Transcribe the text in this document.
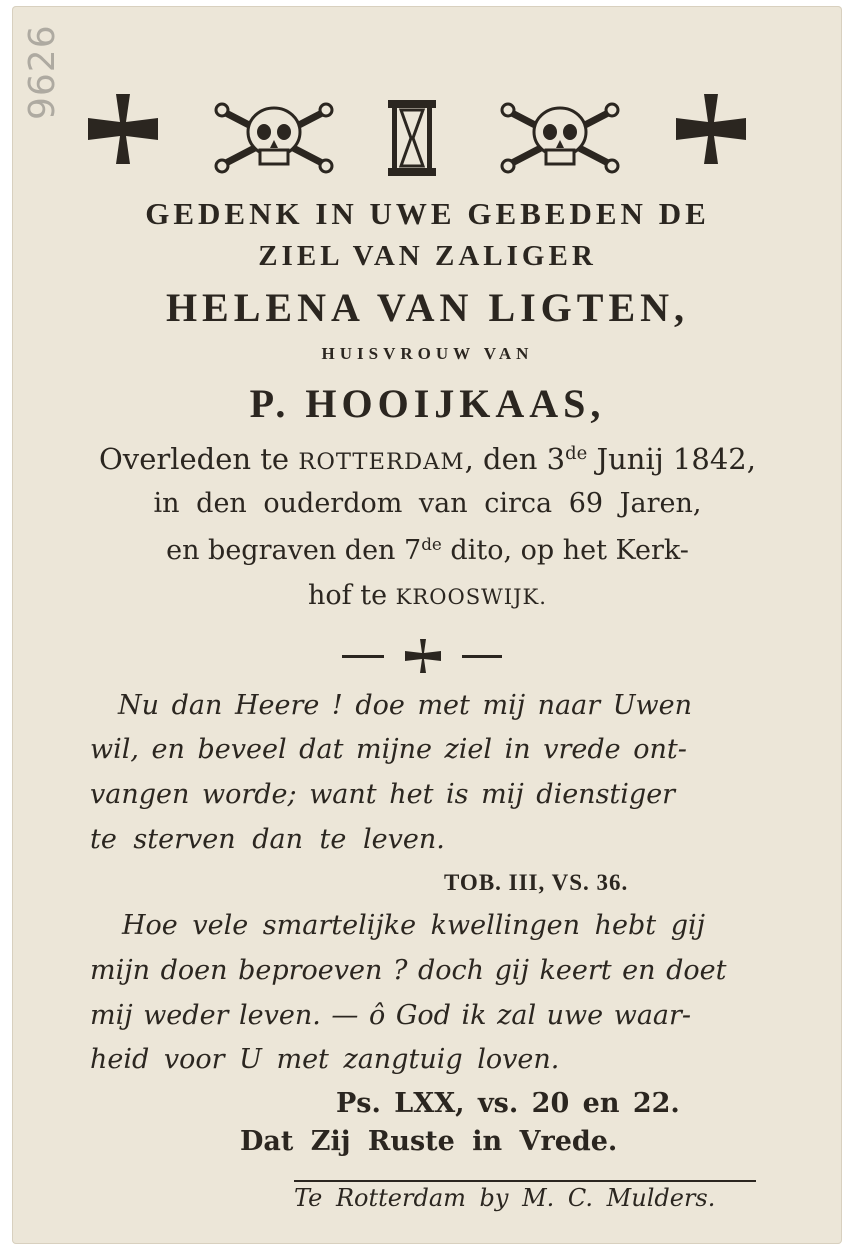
9626
GEDENK IN UWE GEBEDEN DE
ZIEL VAN ZALIGER
HELENA VAN LIGTEN,
HUISVROUW VAN
P. HOOIJKAAS,
Overleden te ROTTERDAM, den 3de Junij 1842,
in den ouderdom van circa 69 Jaren,
en begraven den 7de dito, op het Kerk-
hof te KROOSWIJK.
Nu dan Heere ! doe met mij naar Uwen
wil, en beveel dat mijne ziel in vrede ont-
vangen worde; want het is mij dienstiger
te sterven dan te leven.
TOB. III, VS. 36.
Hoe vele smartelijke kwellingen hebt gij
mijn doen beproeven ? doch gij keert en doet
mij weder leven. — ô God ik zal uwe waar-
heid voor U met zangtuig loven.
Ps. LXX, vs. 20 en 22.
Dat Zij Ruste in Vrede.
Te Rotterdam by M. C. Mulders.
